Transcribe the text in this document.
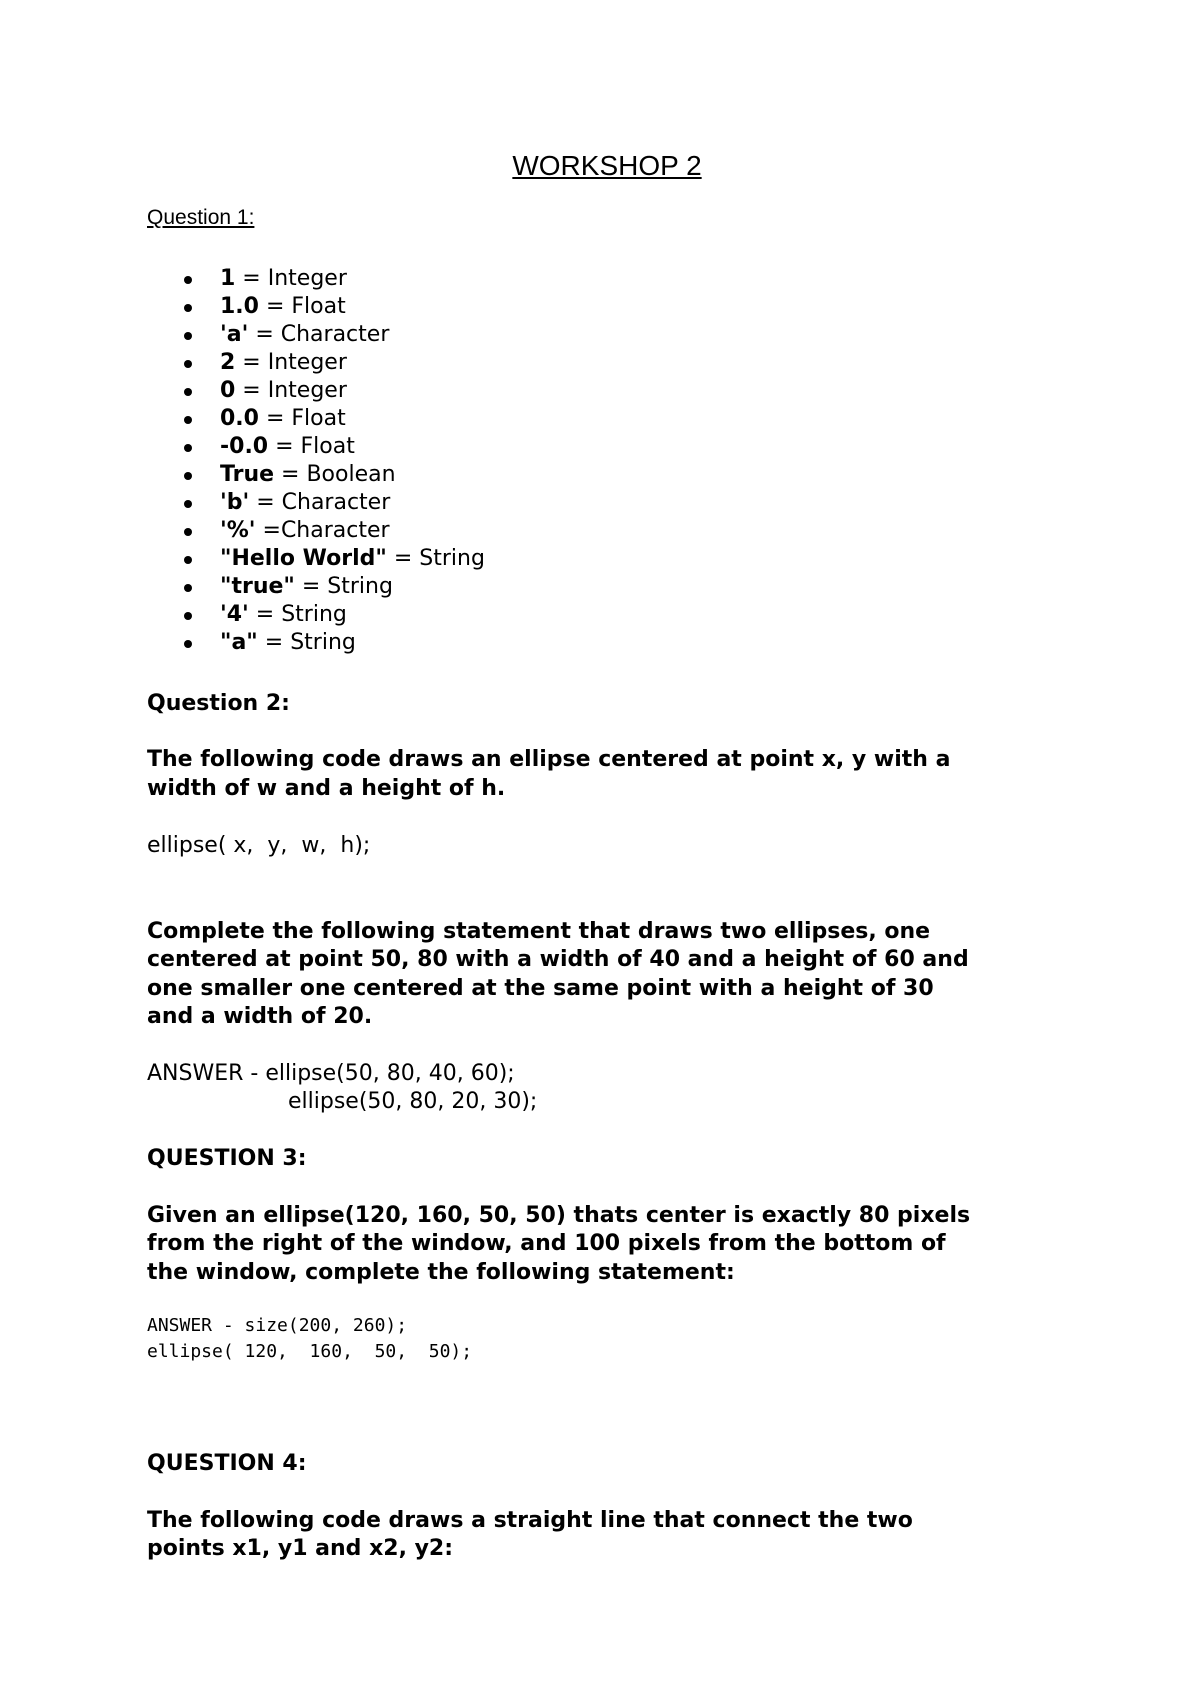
WORKSHOP 2
Question 1:
1 = Integer
1.0 = Float
'a' = Character
2 = Integer
0 = Integer
0.0 = Float
-0.0 = Float
True = Boolean
'b' = Character
'%' =Character
"Hello World" = String
"true" = String
'4' = String
"a" = String
Question 2:
The following code draws an ellipse centered at point x, y with a
width of w and a height of h.
ellipse( x,  y,  w,  h);
Complete the following statement that draws two ellipses, one
centered at point 50, 80 with a width of 40 and a height of 60 and
one smaller one centered at the same point with a height of 30
and a width of 20.
ANSWER - ellipse(50, 80, 40, 60);
ellipse(50, 80, 20, 30);
QUESTION 3:
Given an ellipse(120, 160, 50, 50) thats center is exactly 80 pixels
from the right of the window, and 100 pixels from the bottom of
the window, complete the following statement:
ANSWER - size(200, 260);
ellipse( 120,  160,  50,  50);
QUESTION 4:
The following code draws a straight line that connect the two
points x1, y1 and x2, y2:
